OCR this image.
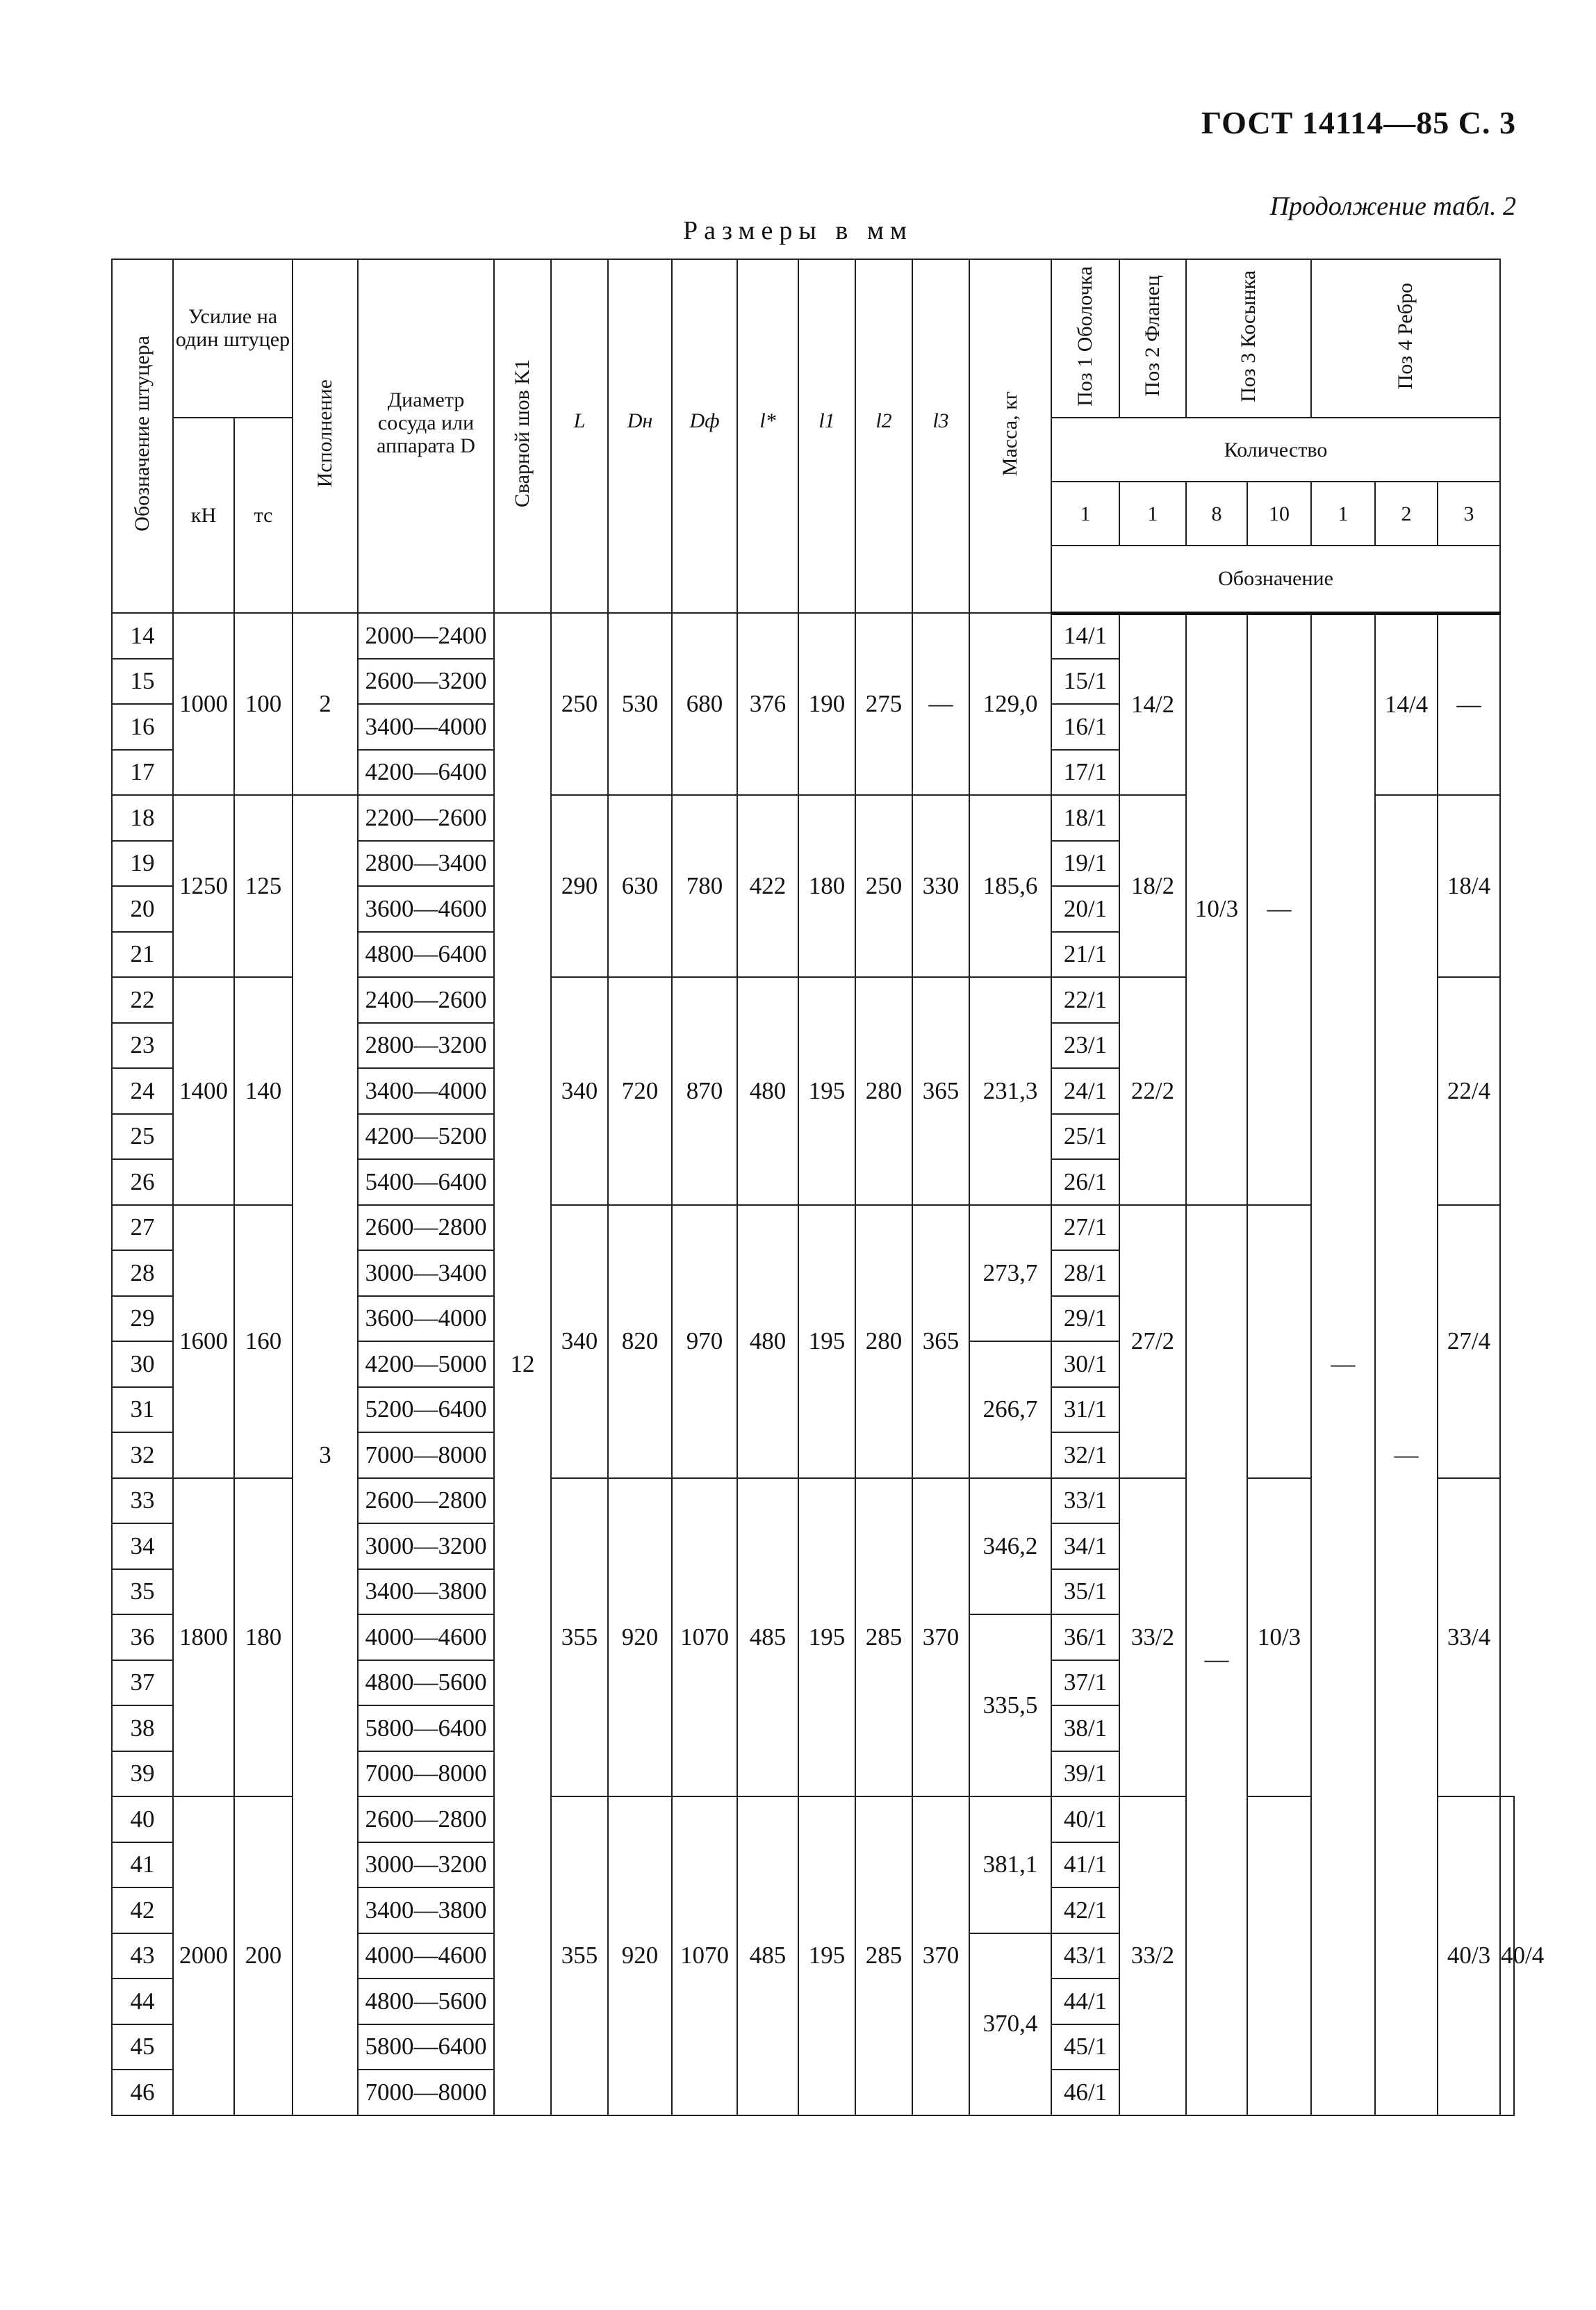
ГОСТ 14114—85 С. 3
Продолжение табл. 2
Размеры в мм
Обозначение штуцера	Усилие на один штуцер		Исполнение	Диаметр сосуда или аппарата D	Сварной шов K1	L	Dн	Dф	l*	l1	l2	l3	Масса, кг	Поз 1 Оболочка	Поз 2 Фланец	Поз 3 Косынка		Поз 4 Ребро			
	кН	тс												Количество							
														1	1	8	10	1	2	3	
														Обозначение							
14	1000	100	2	2000—2400	12	250	530	680	376	190	275	—	129,0	14/1	14/2	10/3	—	—	14/4	—	
15				2600—3200										15/1							
16				3400—4000										16/1							
17				4200—6400										17/1							
18	1250	125	3	2200—2600		290	630	780	422	180	250	330	185,6	18/1	18/2				—	18/4	
19				2800—3400										19/1							
20				3600—4600										20/1							
21				4800—6400										21/1							
22	1400	140		2400—2600		340	720	870	480	195	280	365	231,3	22/1	22/2					22/4	
23				2800—3200										23/1							
24				3400—4000										24/1							
25				4200—5200										25/1							
26				5400—6400										26/1							
27	1600	160		2600—2800		340	820	970	480	195	280	365	273,7	27/1	27/2	—				27/4	
28				3000—3400										28/1							
29				3600—4000										29/1							
30				4200—5000									266,7	30/1							
31				5200—6400										31/1							
32				7000—8000										32/1							
33	1800	180		2600—2800		355	920	1070	485	195	285	370	346,2	33/1	33/2		10/3			33/4	
34				3000—3200										34/1							
35				3400—3800										35/1							
36				4000—4600									335,5	36/1							
37				4800—5600										37/1							
38				5800—6400										38/1							
39				7000—8000										39/1							
40	2000	200		2600—2800		355	920	1070	485	195	285	370	381,1	40/1	33/2					40/3	40/4
41				3000—3200										41/1							
42				3400—3800										42/1							
43				4000—4600									370,4	43/1							
44				4800—5600										44/1							
45				5800—6400										45/1							
46				7000—8000										46/1							
